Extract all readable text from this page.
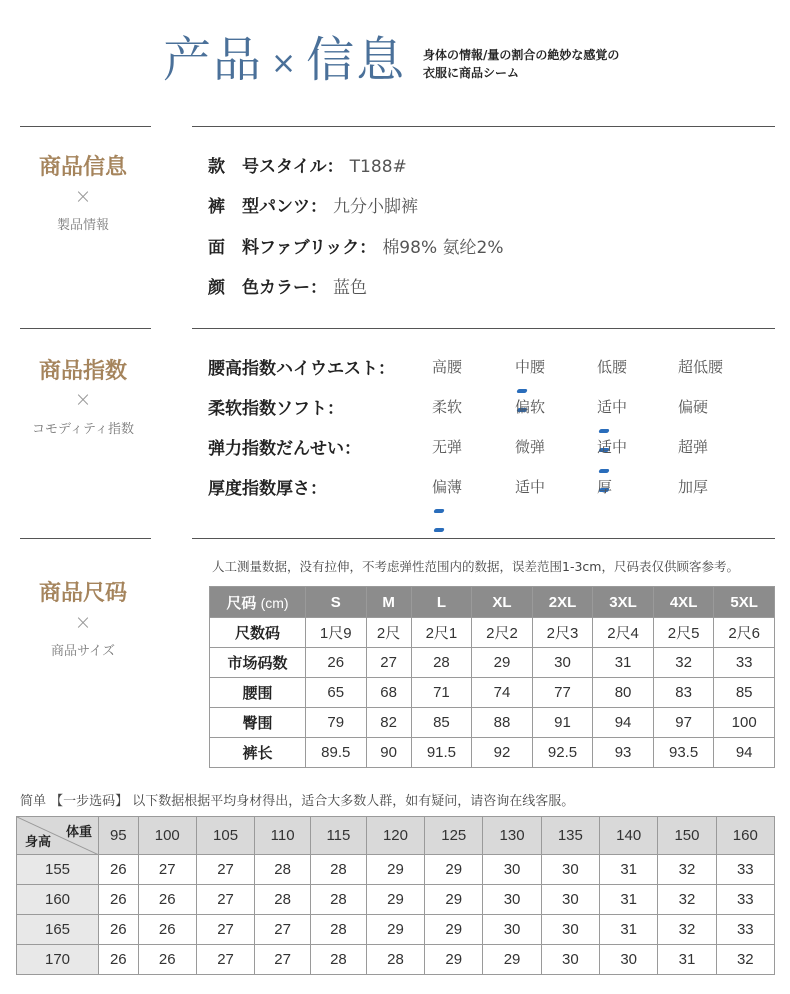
产品 × 信息 身体の情報/量の割合の絶妙な感覚の
衣服に商品シーム
商品信息
×
製品情報
款　号スタイル： T188#
裤　型パンツ： 九分小脚裤
面　料ファブリック： 棉98% 氨纶2%
颜　色カラー： 蓝色
商品指数
×
コモディティ指数
腰高指数ハイウエスト： 高腰	中腰	低腰	超低腰
柔软指数ソフト：	柔软	偏软	适中	偏硬
弹力指数だんせい：	无弹	微弹	适中	超弹
厚度指数厚さ：	偏薄	适中	厚	加厚
商品尺码
×
商品サイズ
人工测量数据，没有拉伸，不考虑弹性范围内的数据，误差范围1-3cm，尺码表仅供顾客参考。
尺码 (cm)	S	M	L	XL	2XL	3XL	4XL	5XL
尺数码	1尺9	2尺	2尺1	2尺2	2尺3	2尺4	2尺5	2尺6
市场码数	26	27	28	29	30	31	32	33
腰围	65	68	71	74	77	80	83	85
臀围	79	82	85	88	91	94	97	100
裤长	89.5	90	91.5	92	92.5	93	93.5	94
简单 【一步选码】 以下数据根据平均身材得出，适合大多数人群，如有疑问，请咨询在线客服。
体重
身高	95	100	105	110	115	120	125	130	135	140	150	160
155	26	27	27	28	28	29	29	30	30	31	32	33
160	26	26	27	28	28	29	29	30	30	31	32	33
165	26	26	27	27	28	29	29	30	30	31	32	33
170	26	26	27	27	28	28	29	29	30	30	31	32
